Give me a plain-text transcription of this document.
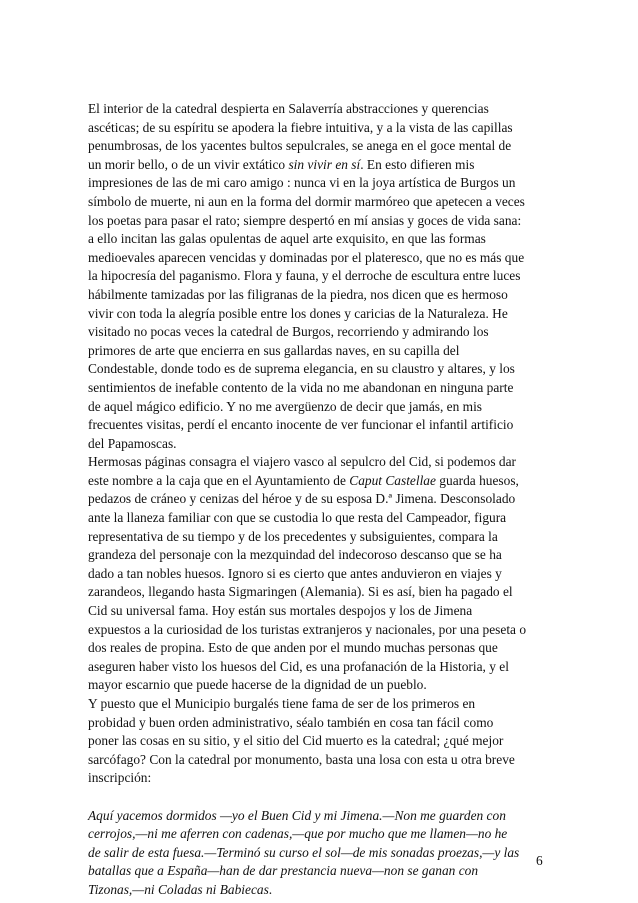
El interior de la catedral despierta en Salaverría abstracciones y querencias
ascéticas; de su espíritu se apodera la fiebre intuitiva, y a la vista de las capillas
penumbrosas, de los yacentes bultos sepulcrales, se anega en el goce mental de
un morir bello, o de un vivir extático sin vivir en sí. En esto difieren mis
impresiones de las de mi caro amigo : nunca vi en la joya artística de Burgos un
símbolo de muerte, ni aun en la forma del dormir marmóreo que apetecen a veces
los poetas para pasar el rato; siempre despertó en mí ansias y goces de vida sana:
a ello incitan las galas opulentas de aquel arte exquisito, en que las formas
medioevales aparecen vencidas y dominadas por el plateresco, que no es más que
la hipocresía del paganismo. Flora y fauna, y el derroche de escultura entre luces
hábilmente tamizadas por las filigranas de la piedra, nos dicen que es hermoso
vivir con toda la alegría posible entre los dones y caricias de la Naturaleza. He
visitado no pocas veces la catedral de Burgos, recorriendo y admirando los
primores de arte que encierra en sus gallardas naves, en su capilla del
Condestable, donde todo es de suprema elegancia, en su claustro y altares, y los
sentimientos de inefable contento de la vida no me abandonan en ninguna parte
de aquel mágico edificio. Y no me avergüenzo de decir que jamás, en mis
frecuentes visitas, perdí el encanto inocente de ver funcionar el infantil artificio
del Papamoscas.
Hermosas páginas consagra el viajero vasco al sepulcro del Cid, si podemos dar
este nombre a la caja que en el Ayuntamiento de Caput Castellae guarda huesos,
pedazos de cráneo y cenizas del héroe y de su esposa D.ª Jimena. Desconsolado
ante la llaneza familiar con que se custodia lo que resta del Campeador, figura
representativa de su tiempo y de los precedentes y subsiguientes, compara la
grandeza del personaje con la mezquindad del indecoroso descanso que se ha
dado a tan nobles huesos. Ignoro si es cierto que antes anduvieron en viajes y
zarandeos, llegando hasta Sigmaringen (Alemania). Si es así, bien ha pagado el
Cid su universal fama. Hoy están sus mortales despojos y los de Jimena
expuestos a la curiosidad de los turistas extranjeros y nacionales, por una peseta o
dos reales de propina. Esto de que anden por el mundo muchas personas que
aseguren haber visto los huesos del Cid, es una profanación de la Historia, y el
mayor escarnio que puede hacerse de la dignidad de un pueblo.
Y puesto que el Municipio burgalés tiene fama de ser de los primeros en
probidad y buen orden administrativo, séalo también en cosa tan fácil como
poner las cosas en su sitio, y el sitio del Cid muerto es la catedral; ¿qué mejor
sarcófago? Con la catedral por monumento, basta una losa con esta u otra breve
inscripción:
Aquí yacemos dormidos —yo el Buen Cid y mi Jimena.—Non me guarden con
cerrojos,—ni me aferren con cadenas,—que por mucho que me llamen—no he
de salir de esta fuesa.—Terminó su curso el sol—de mis sonadas proezas,—y las
batallas que a España—han de dar prestancia nueva—non se ganan con
Tizonas,—ni Coladas ni Babiecas.
6
